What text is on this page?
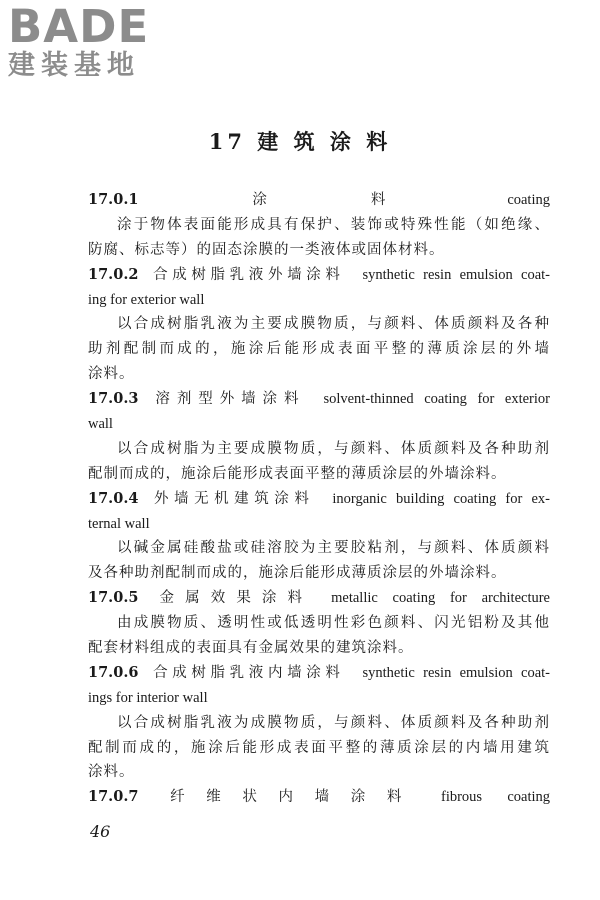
BADE
建装基地
17 建 筑 涂 料
17.0.1 涂料 coating
涂于物体表面能形成具有保护、装饰或特殊性能（如绝缘、
防腐、标志等）的固态涂膜的一类液体或固体材料。
17.0.2 合成树脂乳液外墙涂料 synthetic resin emulsion coat-
ing for exterior wall
以合成树脂乳液为主要成膜物质，与颜料、体质颜料及各种
助剂配制而成的，施涂后能形成表面平整的薄质涂层的外墙
涂料。
17.0.3 溶剂型外墙涂料 solvent-thinned coating for exterior
wall
以合成树脂为主要成膜物质，与颜料、体质颜料及各种助剂
配制而成的，施涂后能形成表面平整的薄质涂层的外墙涂料。
17.0.4 外墙无机建筑涂料 inorganic building coating for ex-
ternal wall
以碱金属硅酸盐或硅溶胶为主要胶粘剂，与颜料、体质颜料
及各种助剂配制而成的，施涂后能形成薄质涂层的外墙涂料。
17.0.5 金属效果涂料 metallic coating for architecture
由成膜物质、透明性或低透明性彩色颜料、闪光铝粉及其他
配套材料组成的表面具有金属效果的建筑涂料。
17.0.6 合成树脂乳液内墙涂料 synthetic resin emulsion coat-
ings for interior wall
以合成树脂乳液为成膜物质，与颜料、体质颜料及各种助剂
配制而成的，施涂后能形成表面平整的薄质涂层的内墙用建筑
涂料。
17.0.7 纤维状内墙涂料 fibrous coating
46
